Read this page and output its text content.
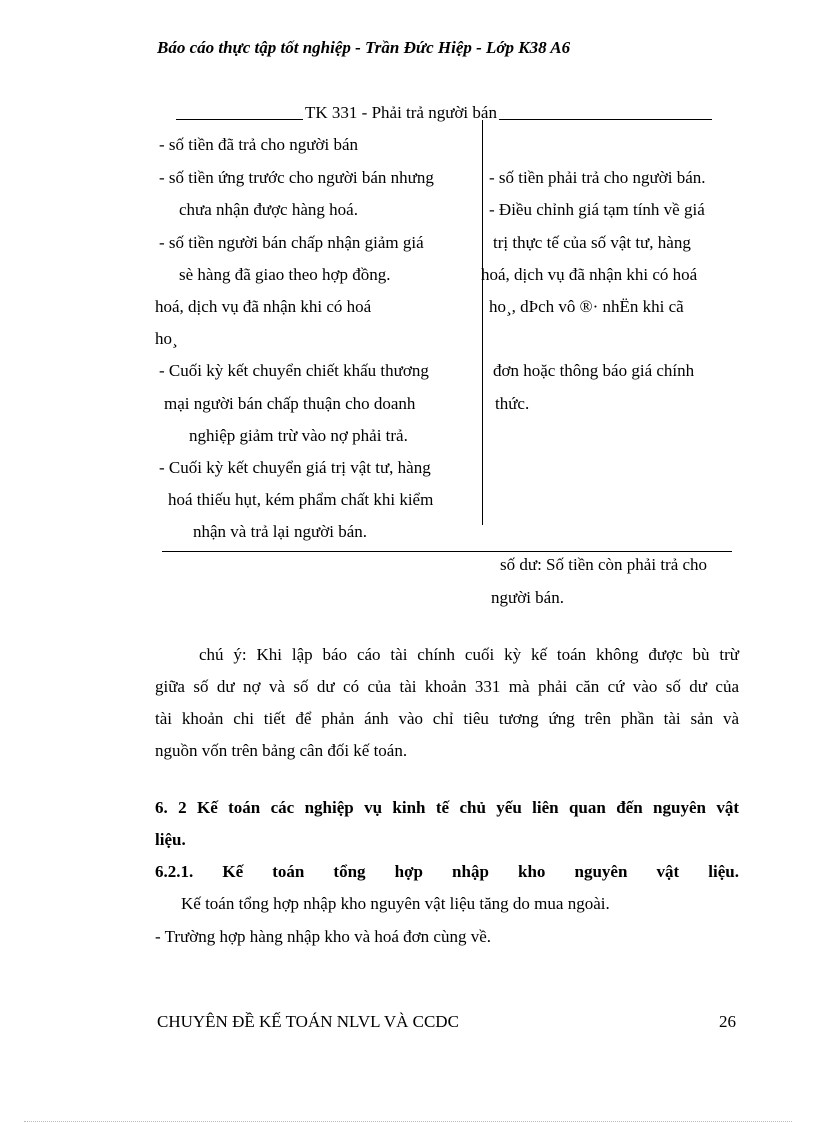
Báo cáo thực tập tốt nghiệp - Trần Đức Hiệp - Lớp K38 A6
TK 331 - Phải trả người bán
- số tiền đã trả cho người bán
- số tiền ứng trước cho người bán nhưng
chưa nhận được hàng hoá.
- số tiền người bán chấp nhận giảm giá
sè hàng đã giao theo hợp đồng.
hoá, dịch vụ đã nhận khi có hoá
ho¸
- Cuối kỳ kết chuyển chiết khấu thương
mại người bán chấp thuận cho doanh
nghiệp giảm trừ vào nợ phải trả.
- Cuối kỳ kết chuyển giá trị vật tư, hàng
hoá thiếu hụt, kém phẩm chất khi kiểm
nhận và trả lại người bán.
- số tiền phải trả cho người bán.
- Điều chỉnh giá tạm tính về giá
trị thực tế của số vật tư, hàng
hoá, dịch vụ đã nhận khi có hoá
ho¸, dÞch vô ®· nhËn khi cã
đơn hoặc thông báo giá chính
thức.
số dư: Số tiền còn phải trả cho
người bán.
chú ý: Khi lập báo cáo tài chính cuối kỳ kế toán không được bù trừ
giữa số dư nợ và số dư có của tài khoản 331 mà phải căn cứ vào số dư của
tài khoản chi tiết để phản ánh vào chỉ tiêu tương ứng trên phần tài sản và
nguồn vốn trên bảng cân đối kế toán.
6. 2 Kế toán các nghiệp vụ kinh tế chủ yếu liên quan đến nguyên vật
liệu.
6.2.1. Kế toán tổng hợp nhập kho nguyên vật liệu.
Kế toán tổng hợp nhập kho nguyên vật liệu tăng do mua ngoài.
- Trường hợp hàng nhập kho và hoá đơn cùng về.
CHUYÊN ĐỀ KẾ TOÁN NLVL VÀ CCDC	26
